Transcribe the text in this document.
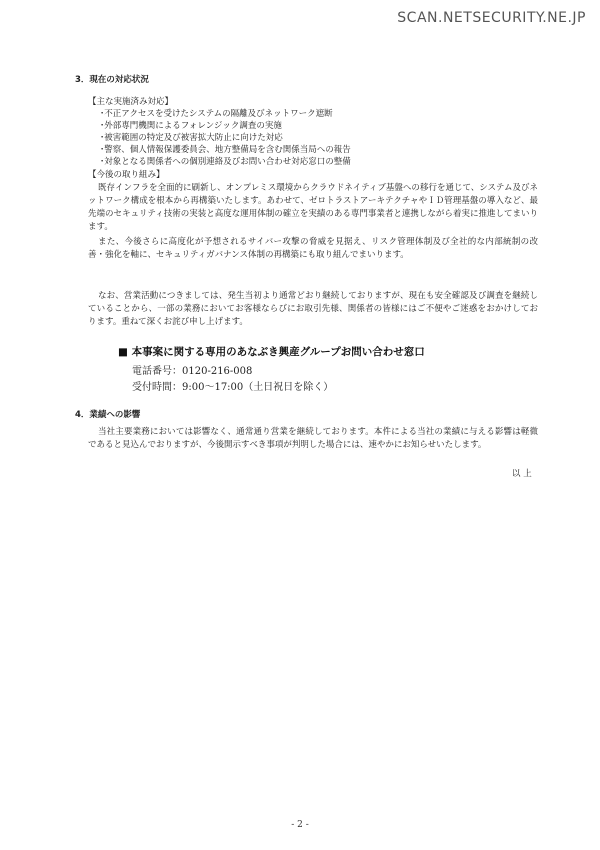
SCAN.NETSECURITY.NE.JP
3．現在の対応状況
【主な実施済み対応】
･不正アクセスを受けたシステムの隔離及びネットワーク遮断
･外部専門機関によるフォレンジック調査の実施
･被害範囲の特定及び被害拡大防止に向けた対応
･警察、個人情報保護委員会、地方整備局を含む関係当局への報告
･対象となる関係者への個別連絡及びお問い合わせ対応窓口の整備
【今後の取り組み】
既存インフラを全面的に刷新し、オンプレミス環境からクラウドネイティブ基盤への移行を通じて、システム及びネットワーク構成を根本から再構築いたします。あわせて、ゼロトラストアーキテクチャやＩＤ管理基盤の導入など、最先端のセキュリティ技術の実装と高度な運用体制の確立を実績のある専門事業者と連携しながら着実に推進してまいります。
また、今後さらに高度化が予想されるサイバー攻撃の脅威を見据え、リスク管理体制及び全社的な内部統制の改善・強化を軸に、セキュリティガバナンス体制の再構築にも取り組んでまいります。
なお、営業活動につきましては、発生当初より通常どおり継続しておりますが、現在も安全確認及び調査を継続していることから、一部の業務においてお客様ならびにお取引先様、関係者の皆様にはご不便やご迷惑をおかけしております。重ねて深くお詫び申し上げます。
■ 本事案に関する専用のあなぶき興産グループお問い合わせ窓口
電話番号：0120-216-008
受付時間：9:00～17:00（土日祝日を除く）
4．業績への影響
当社主要業務においては影響なく、通常通り営業を継続しております。本件による当社の業績に与える影響は軽微であると見込んでおりますが、今後開示すべき事項が判明した場合には、速やかにお知らせいたします。
以 上
- 2 -
